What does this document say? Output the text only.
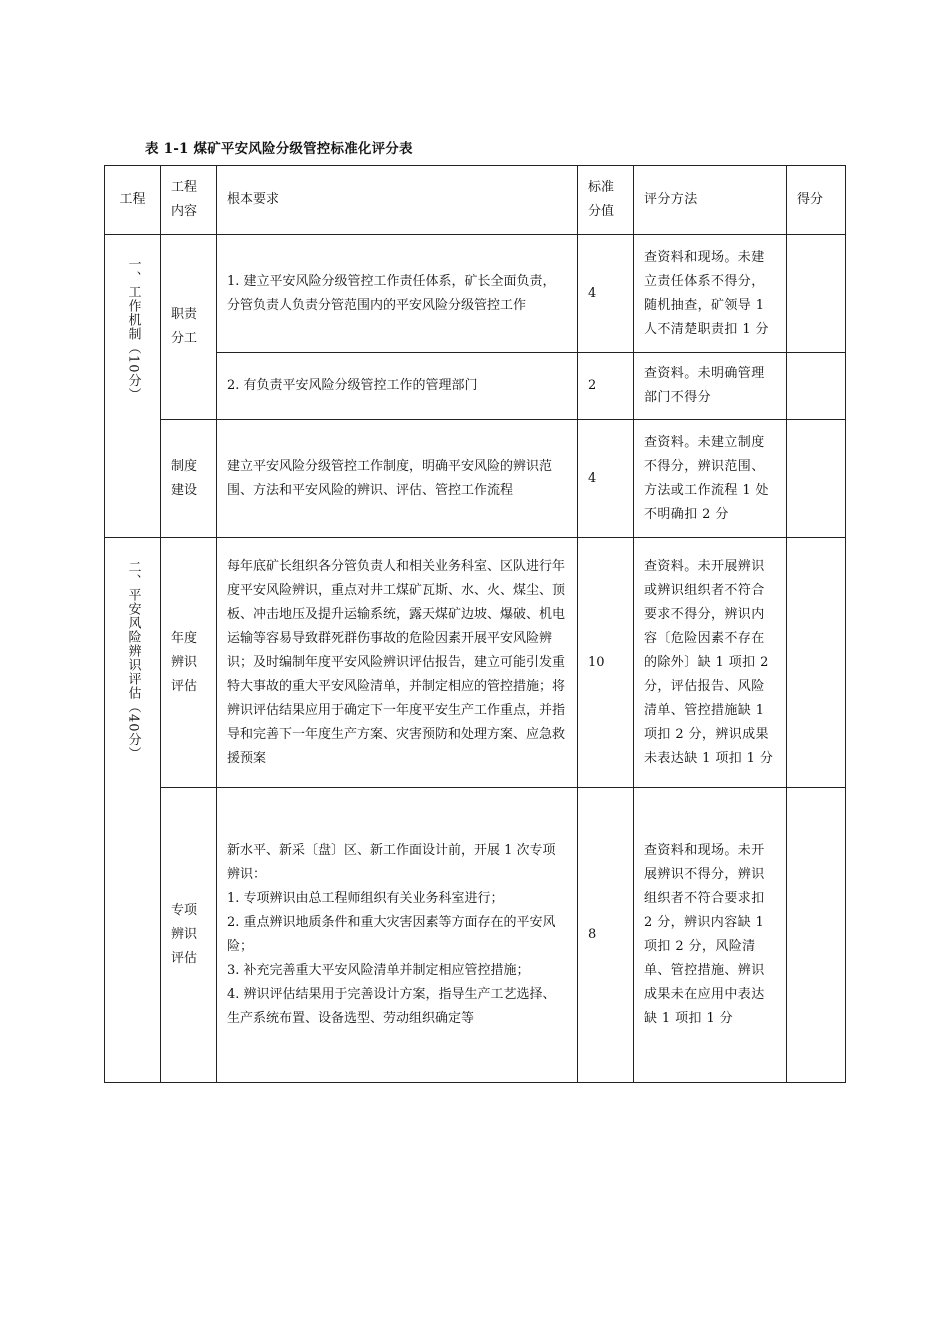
表 1-1 煤矿平安风险分级管控标准化评分表
工程	工程内容	根本要求	标准分值	评分方法	得分
一、工作机制（10分）	职责分工	1. 建立平安风险分级管控工作责任体系，矿长全面负责，分管负责人负责分管范围内的平安风险分级管控工作	4	查资料和现场。未建立责任体系不得分，随机抽查，矿领导 1 人不清楚职责扣 1 分	
		2. 有负责平安风险分级管控工作的管理部门	2	查资料。未明确管理部门不得分	
	制度建设	建立平安风险分级管控工作制度，明确平安风险的辨识范围、方法和平安风险的辨识、评估、管控工作流程	4	查资料。未建立制度不得分，辨识范围、方法或工作流程 1 处不明确扣 2 分	
二、平安风险辨识评估（40分）	年度辨识评估	每年底矿长组织各分管负责人和相关业务科室、区队进行年度平安风险辨识，重点对井工煤矿瓦斯、水、火、煤尘、顶板、冲击地压及提升运输系统，露天煤矿边坡、爆破、机电运输等容易导致群死群伤事故的危险因素开展平安风险辨识；及时编制年度平安风险辨识评估报告，建立可能引发重特大事故的重大平安风险清单，并制定相应的管控措施；将辨识评估结果应用于确定下一年度平安生产工作重点，并指导和完善下一年度生产方案、灾害预防和处理方案、应急救援预案	10	查资料。未开展辨识或辨识组织者不符合要求不得分，辨识内容〔危险因素不存在的除外〕缺 1 项扣 2 分，评估报告、风险清单、管控措施缺 1 项扣 2 分，辨识成果未表达缺 1 项扣 1 分	
	专项辨识评估	新水平、新采〔盘〕区、新工作面设计前，开展 1 次专项辨识：
1. 专项辨识由总工程师组织有关业务科室进行；
2. 重点辨识地质条件和重大灾害因素等方面存在的平安风险；
3. 补充完善重大平安风险清单并制定相应管控措施；
4. 辨识评估结果用于完善设计方案，指导生产工艺选择、生产系统布置、设备选型、劳动组织确定等	8	查资料和现场。未开展辨识不得分，辨识组织者不符合要求扣 2 分，辨识内容缺 1 项扣 2 分，风险清单、管控措施、辨识成果未在应用中表达缺 1 项扣 1 分	
